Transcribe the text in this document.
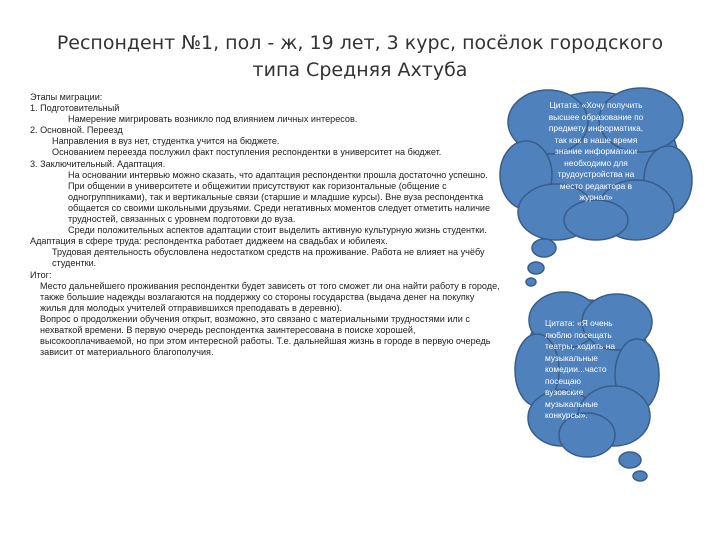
Респондент №1, пол - ж, 19 лет, 3 курс, посёлок городского
типа Средняя Ахтуба

Этапы миграции:

1. Подготовительный

Намерение мигрировать возникло под влиянием личных интересов.

2. Основной. Переезд

Направления в вуз нет, студентка учится на бюджете.

Основанием переезда послужил факт поступления респондентки в университет на бюджет.

3. Заключительный. Адаптация.

На основании интервью можно сказать, что адаптация респондентки прошла достаточно успешно.

При общении в университете и общежитии присутствуют как горизонтальные (общение с одногруппниками), так и вертикальные связи (старшие и младшие курсы). Вне вуза респондентка общается со своими школьными друзьями. Среди негативных моментов следует отметить наличие трудностей, связанных с уровнем подготовки до вуза.

Среди положительных аспектов адаптации стоит выделить активную культурную жизнь студентки.

Адаптация в сфере труда: респондентка работает диджеем на свадьбах и юбилеях.

Трудовая деятельность обусловлена недостатком средств на проживание. Работа не влияет на учёбу студентки.

Итог:

Место дальнейшего проживания респондентки будет зависеть от того сможет ли она найти работу в городе, также большие надежды возлагаются на поддержку со стороны государства (выдача денег на покупку жилья для молодых учителей отправившихся преподавать в деревню).

Вопрос о продолжении обучения открыт, возможно, это связано с материальными трудностями или с нехваткой времени. В первую очередь респондентка заинтересована в поиске хорошей, высокооплачиваемой, но при этом интересной работы. Т.е. дальнейшая жизнь в городе в первую очередь зависит от материального благополучия.

Цитата: «Хочу получить
высшее образование по
предмету информатика,
так как в наше время
знание информатики
необходимо для
трудоустройства на
место редактора в
журнал»
Цитата: «Я очень
люблю посещать
театры, ходить на
музыкальные
комедии...часто
посещаю
вузовские
музыкальные
конкурсы».
